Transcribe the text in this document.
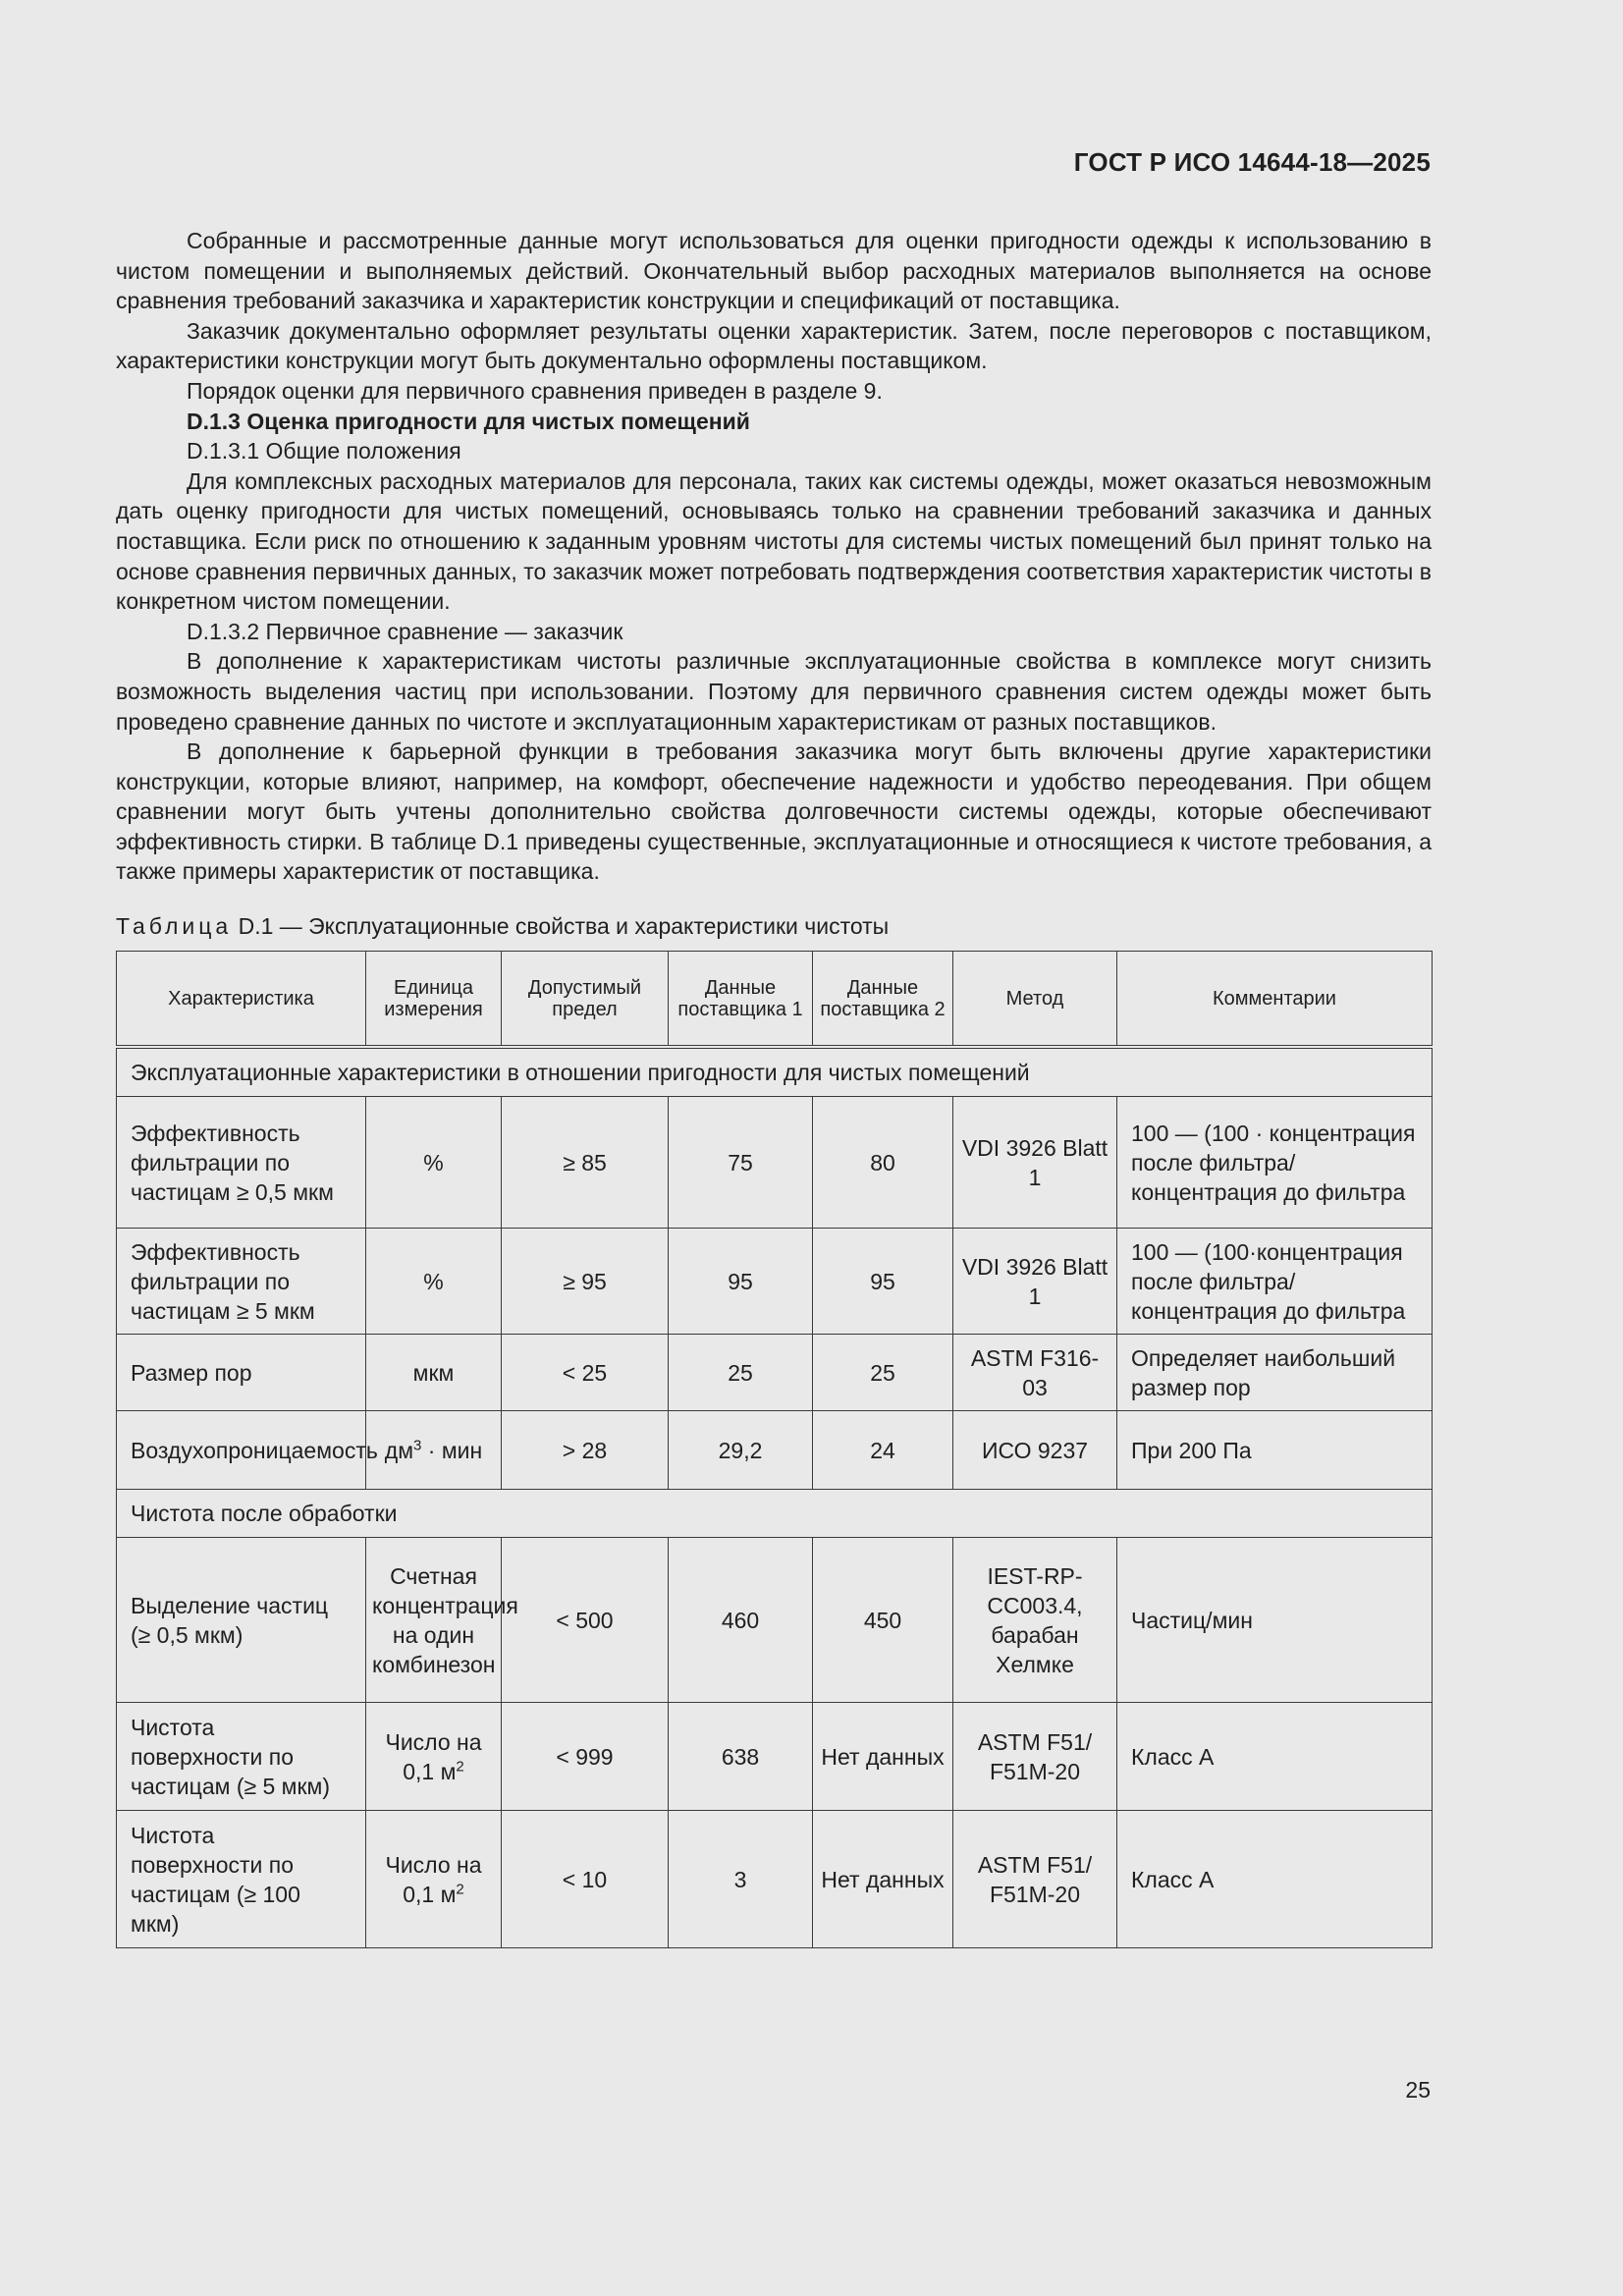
ГОСТ Р ИСО 14644-18—2025

Собранные и рассмотренные данные могут использоваться для оценки пригодности одежды к использованию в чистом помещении и выполняемых действий. Окончательный выбор расходных материалов выполняется на основе сравнения требований заказчика и характеристик конструкции и спецификаций от поставщика.

Заказчик документально оформляет результаты оценки характеристик. Затем, после переговоров с поставщиком, характеристики конструкции могут быть документально оформлены поставщиком.

Порядок оценки для первичного сравнения приведен в разделе 9.

D.1.3 Оценка пригодности для чистых помещений

D.1.3.1 Общие положения

Для комплексных расходных материалов для персонала, таких как системы одежды, может оказаться невозможным дать оценку пригодности для чистых помещений, основываясь только на сравнении требований заказчика и данных поставщика. Если риск по отношению к заданным уровням чистоты для системы чистых помещений был принят только на основе сравнения первичных данных, то заказчик может потребовать подтверждения соответствия характеристик чистоты в конкретном чистом помещении.

D.1.3.2 Первичное сравнение — заказчик

В дополнение к характеристикам чистоты различные эксплуатационные свойства в комплексе могут снизить возможность выделения частиц при использовании. Поэтому для первичного сравнения систем одежды может быть проведено сравнение данных по чистоте и эксплуатационным характеристикам от разных поставщиков.

В дополнение к барьерной функции в требования заказчика могут быть включены другие характеристики конструкции, которые влияют, например, на комфорт, обеспечение надежности и удобство переодевания. При общем сравнении могут быть учтены дополнительно свойства долговечности системы одежды, которые обеспечивают эффективность стирки. В таблице D.1 приведены существенные, эксплуатационные и относящиеся к чистоте требования, а также примеры характеристик от поставщика.

Таблица D.1 — Эксплуатационные свойства и характеристики чистоты
Характеристика	Единица измерения	Допустимый предел	Данные поставщика 1	Данные поставщика 2	Метод	Комментарии
Эксплуатационные характеристики в отношении пригодности для чистых помещений						
Эффективность фильтрации по частицам ≥ 0,5 мкм	%	≥ 85	75	80	VDI 3926 Blatt 1	100 — (100 · концентрация после фильтра/концентрация до фильтра
Эффективность фильтрации по частицам ≥ 5 мкм	%	≥ 95	95	95	VDI 3926 Blatt 1	100 — (100·концентрация после фильтра/концентрация до фильтра
Размер пор	мкм	< 25	25	25	ASTM F316-03	Определяет наибольший размер пор
Воздухопроницаемость	$дм^3$ · мин	> 28	29,2	24	ИСО 9237	При 200 Па
Чистота после обработки						
Выделение частиц (≥ 0,5 мкм)	Счетная концентрация на один комбинезон	< 500	460	450	IEST-RP-CC003.4, барабан Хелмке	Частиц/мин
Чистота поверхности по частицам (≥ 5 мкм)	Число на 0,1 $м^2$	< 999	638	Нет данных	ASTM F51/ F51M-20	Класс A
Чистота поверхности по частицам (≥ 100 мкм)	Число на 0,1 $м^2$	< 10	3	Нет данных	ASTM F51/ F51M-20	Класс A
25
